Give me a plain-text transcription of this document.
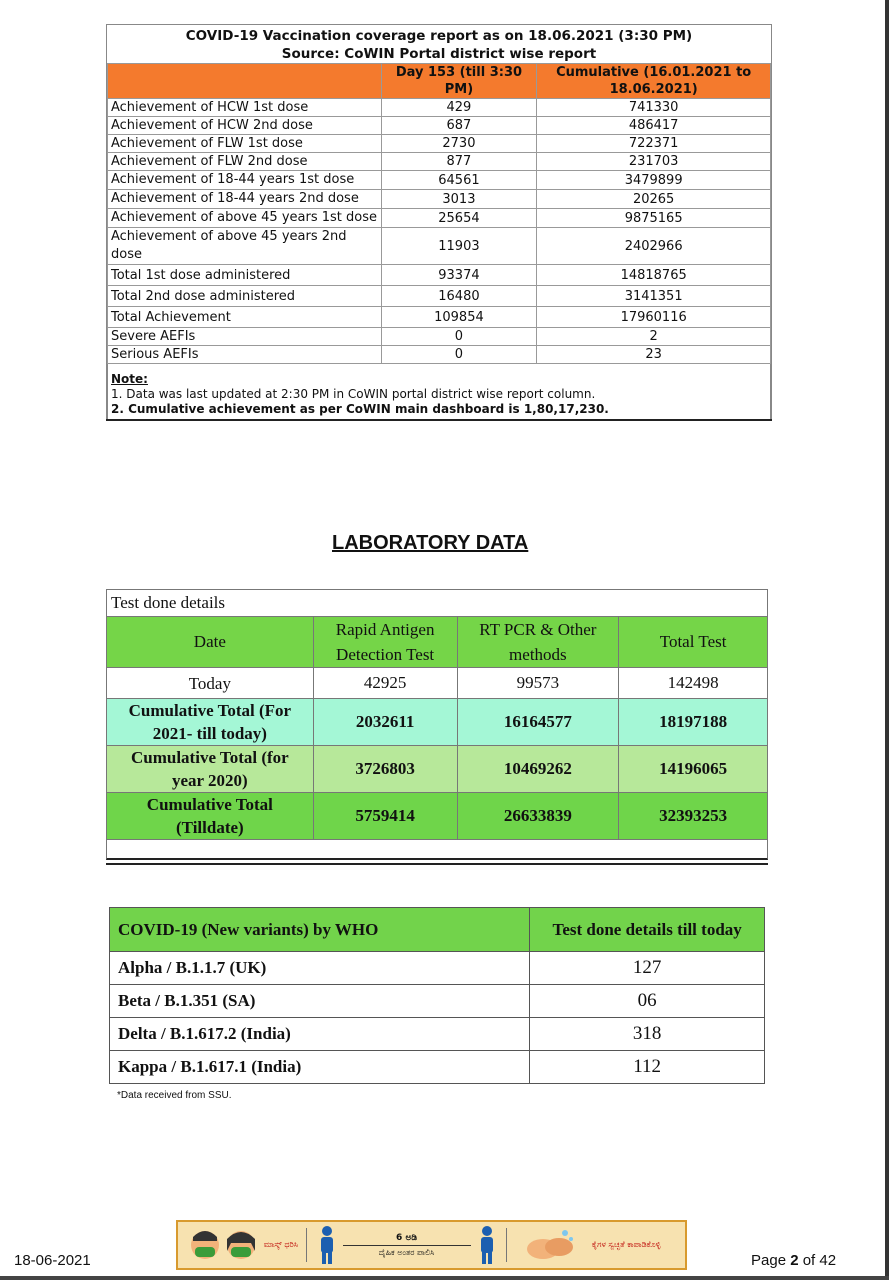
COVID-19 Vaccination coverage report as on 18.06.2021 (3:30 PM)
Source: CoWIN Portal district wise report
	Day 153 (till 3:30 PM)	Cumulative (16.01.2021 to 18.06.2021)
Achievement of HCW 1st dose	429	741330
Achievement of HCW 2nd dose	687	486417
Achievement of FLW 1st dose	2730	722371
Achievement of FLW 2nd dose	877	231703
Achievement of 18-44 years 1st dose	64561	3479899
Achievement of 18-44 years 2nd dose	3013	20265
Achievement of above 45 years 1st dose	25654	9875165
Achievement of above 45 years 2nd dose	11903	2402966
Total 1st dose administered	93374	14818765
Total 2nd dose administered	16480	3141351
Total Achievement	109854	17960116
Severe AEFIs	0	2
Serious AEFIs	0	23
Note:
1. Data was last updated at 2:30 PM in CoWIN portal district wise report column.
2. Cumulative achievement as per CoWIN main dashboard is 1,80,17,230.
LABORATORY DATA
Test done details
Date	Rapid Antigen Detection Test	RT PCR & Other methods	Total Test
Today	42925	99573	142498
Cumulative Total (For 2021- till today)	2032611	16164577	18197188
Cumulative Total (for year 2020)	3726803	10469262	14196065
Cumulative Total (Tilldate)	5759414	26633839	32393253
COVID-19 (New variants) by WHO	Test done details till today
Alpha / B.1.1.7 (UK)	127
Beta / B.1.351 (SA)	06
Delta / B.1.617.2 (India)	318
Kappa / B.1.617.1 (India)	112
*Data received from SSU.
18-06-2021
ಮಾಸ್ಕ್ ಧರಿಸಿ
6 ಅಡಿ
ದೈಹಿಕ ಅಂತರ ಪಾಲಿಸಿ
ಕೈಗಳ ಸ್ವಚ್ಛತೆ ಕಾಪಾಡಿಕೊಳ್ಳಿ
Page 2 of 42
